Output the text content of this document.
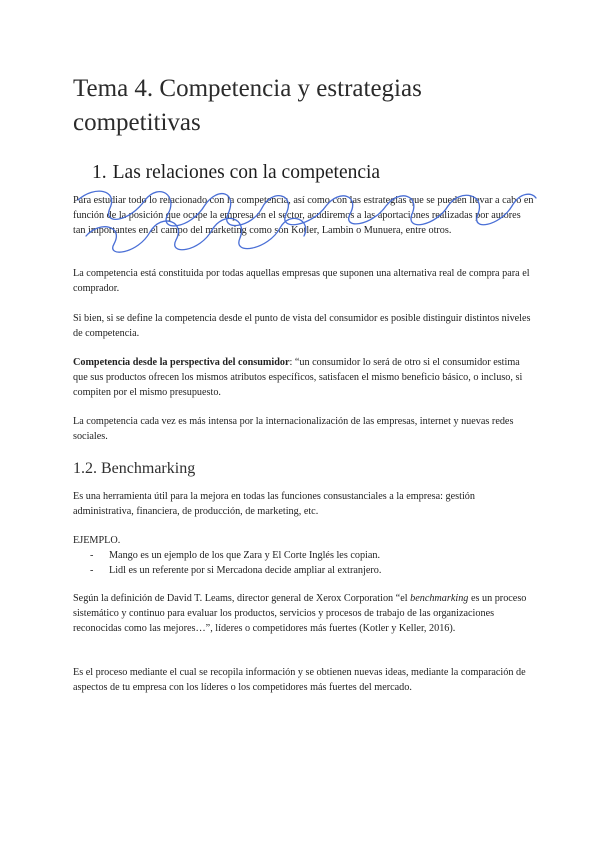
Tema 4. Competencia y estrategias competitivas
1. Las relaciones con la competencia

Para estudiar todo lo relacionado con la competencia, así como con las estrategias que se pueden llevar a cabo en función de la posición que ocupe la empresa en el sector, acudiremos a las aportaciones realizadas por autores tan importantes en el campo del marketing como son Kotler, Lambin o Munuera, entre otros.

La competencia está constituida por todas aquellas empresas que suponen una alternativa real de compra para el comprador.

Si bien, si se define la competencia desde el punto de vista del consumidor es posible distinguir distintos niveles de competencia.

Competencia desde la perspectiva del consumidor: “un consumidor lo será de otro si el consumidor estima que sus productos ofrecen los mismos atributos específicos, satisfacen el mismo beneficio básico, o incluso, si compiten por el mismo presupuesto.

La competencia cada vez es más intensa por la internacionalización de las empresas, internet y nuevas redes sociales.

1.2. Benchmarking

Es una herramienta útil para la mejora en todas las funciones consustanciales a la empresa: gestión administrativa, financiera, de producción, de marketing, etc.

EJEMPLO.

- Mango es un ejemplo de los que Zara y El Corte Inglés les copian.
- Lidl es un referente por si Mercadona decide ampliar al extranjero.

Según la definición de David T. Leams, director general de Xerox Corporation “el benchmarking es un proceso sistemático y continuo para evaluar los productos, servicios y procesos de trabajo de las organizaciones reconocidas como las mejores…”, líderes o competidores más fuertes (Kotler y Keller, 2016).

Es el proceso mediante el cual se recopila información y se obtienen nuevas ideas, mediante la comparación de aspectos de tu empresa con los líderes o los competidores más fuertes del mercado.
